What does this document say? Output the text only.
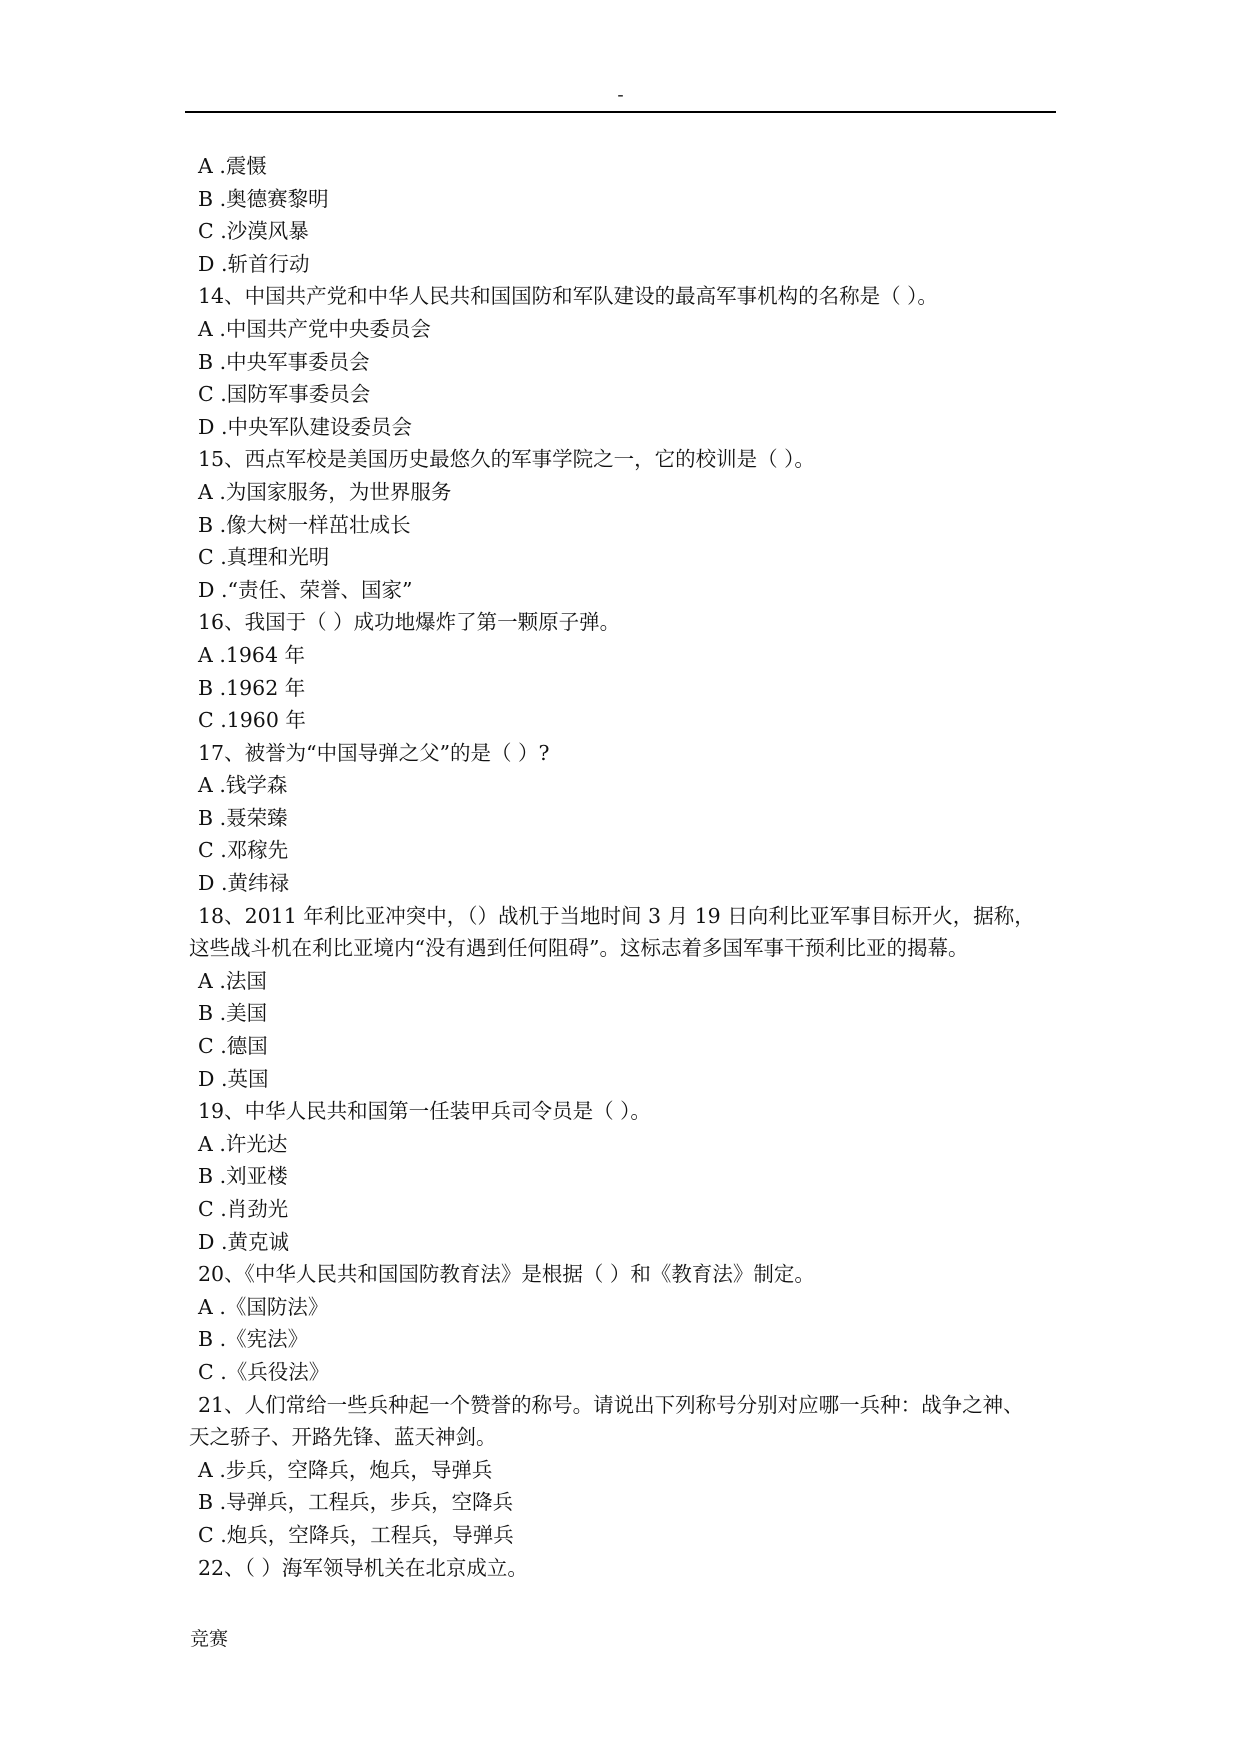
-
A .震慑
B .奥德赛黎明
C .沙漠风暴
D .斩首行动
14、中国共产党和中华人民共和国国防和军队建设的最高军事机构的名称是（ ）。
A .中国共产党中央委员会
B .中央军事委员会
C .国防军事委员会
D .中央军队建设委员会
15、西点军校是美国历史最悠久的军事学院之一，它的校训是（ ）。
A .为国家服务，为世界服务
B .像大树一样茁壮成长
C .真理和光明
D .“责任、荣誉、国家”
16、我国于（ ）成功地爆炸了第一颗原子弹。
A .1964 年
B .1962 年
C .1960 年
17、被誉为“中国导弹之父”的是（ ）?
A .钱学森
B .聂荣臻
C .邓稼先
D .黄纬禄
18、2011 年利比亚冲突中，（）战机于当地时间 3 月 19 日向利比亚军事目标开火，据称，
这些战斗机在利比亚境内“没有遇到任何阻碍”。这标志着多国军事干预利比亚的揭幕。
A .法国
B .美国
C .德国
D .英国
19、中华人民共和国第一任装甲兵司令员是（ ）。
A .许光达
B .刘亚楼
C .肖劲光
D .黄克诚
20、《中华人民共和国国防教育法》是根据（ ）和《教育法》制定。
A .《国防法》
B .《宪法》
C .《兵役法》
21、人们常给一些兵种起一个赞誉的称号。请说出下列称号分别对应哪一兵种：战争之神、
天之骄子、开路先锋、蓝天神剑。
A .步兵，空降兵，炮兵，导弹兵
B .导弹兵，工程兵，步兵，空降兵
C .炮兵，空降兵，工程兵，导弹兵
22、（ ）海军领导机关在北京成立。
竞赛
